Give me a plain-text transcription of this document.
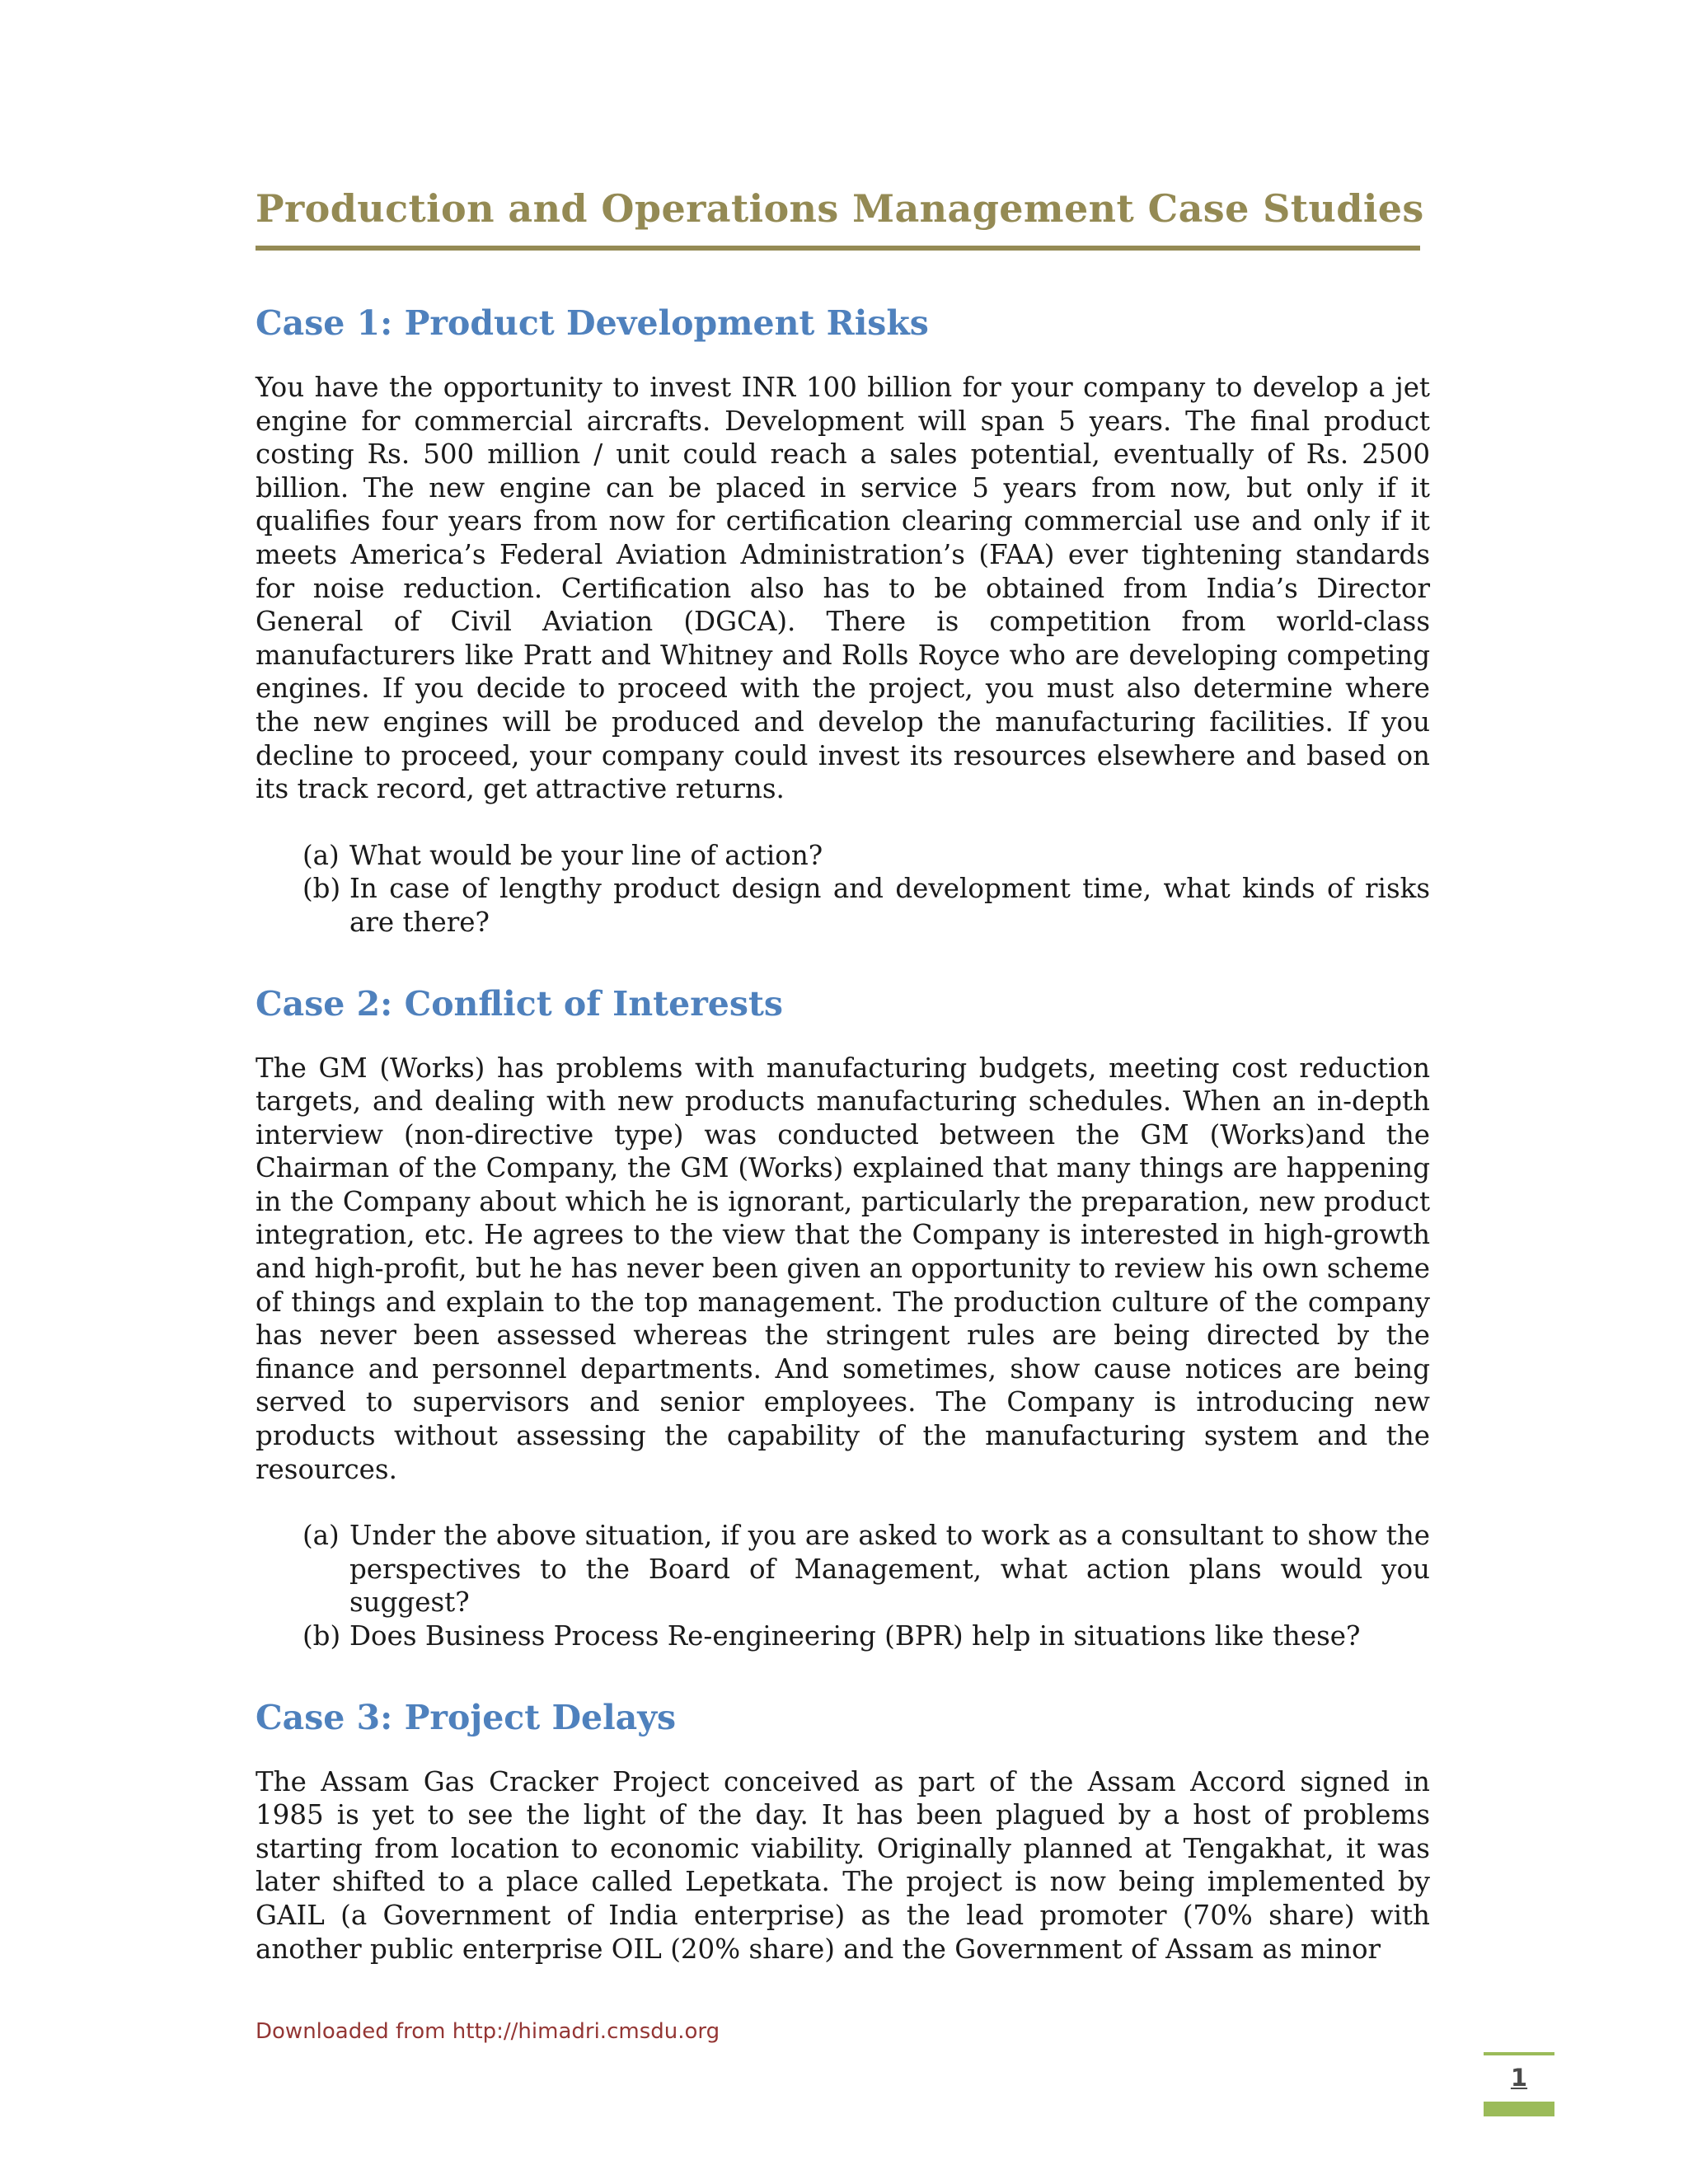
Production and Operations Management Case Studies
Case 1: Product Development Risks

You have the opportunity to invest INR 100 billion for your company to develop a jet engine for commercial aircrafts. Development will span 5 years. The final product costing Rs. 500 million / unit could reach a sales potential, eventually of Rs. 2500 billion. The new engine can be placed in service 5 years from now, but only if it qualifies four years from now for certification clearing commercial use and only if it meets America’s Federal Aviation Administration’s (FAA) ever tightening standards for noise reduction. Certification also has to be obtained from India’s Director General of Civil Aviation (DGCA). There is competition from world-class manufacturers like Pratt and Whitney and Rolls Royce who are developing competing engines. If you decide to proceed with the project, you must also determine where the new engines will be produced and develop the manufacturing facilities. If you decline to proceed, your company could invest its resources elsewhere and based on its track record, get attractive returns.

(a) What would be your line of action?
(b) In case of lengthy product design and development time, what kinds of risks are there?
Case 2: Conflict of Interests

The GM (Works) has problems with manufacturing budgets, meeting cost reduction targets, and dealing with new products manufacturing schedules. When an in-depth interview (non-directive type) was conducted between the GM (Works)and the Chairman of the Company, the GM (Works) explained that many things are happening in the Company about which he is ignorant, particularly the preparation, new product integration, etc. He agrees to the view that the Company is interested in high-growth and high-profit, but he has never been given an opportunity to review his own scheme of things and explain to the top management. The production culture of the company has never been assessed whereas the stringent rules are being directed by the finance and personnel departments. And sometimes, show cause notices are being served to supervisors and senior employees. The Company is introducing new products without assessing the capability of the manufacturing system and the resources.

(a) Under the above situation, if you are asked to work as a consultant to show the perspectives to the Board of Management, what action plans would you suggest?
(b) Does Business Process Re-engineering (BPR) help in situations like these?
Case 3: Project Delays

The Assam Gas Cracker Project conceived as part of the Assam Accord signed in 1985 is yet to see the light of the day. It has been plagued by a host of problems starting from location to economic viability. Originally planned at Tengakhat, it was later shifted to a place called Lepetkata. The project is now being implemented by GAIL (a Government of India enterprise) as the lead promoter (70% share) with another public enterprise OIL (20% share) and the Government of Assam as minor

Downloaded from http://himadri.cmsdu.org
1
